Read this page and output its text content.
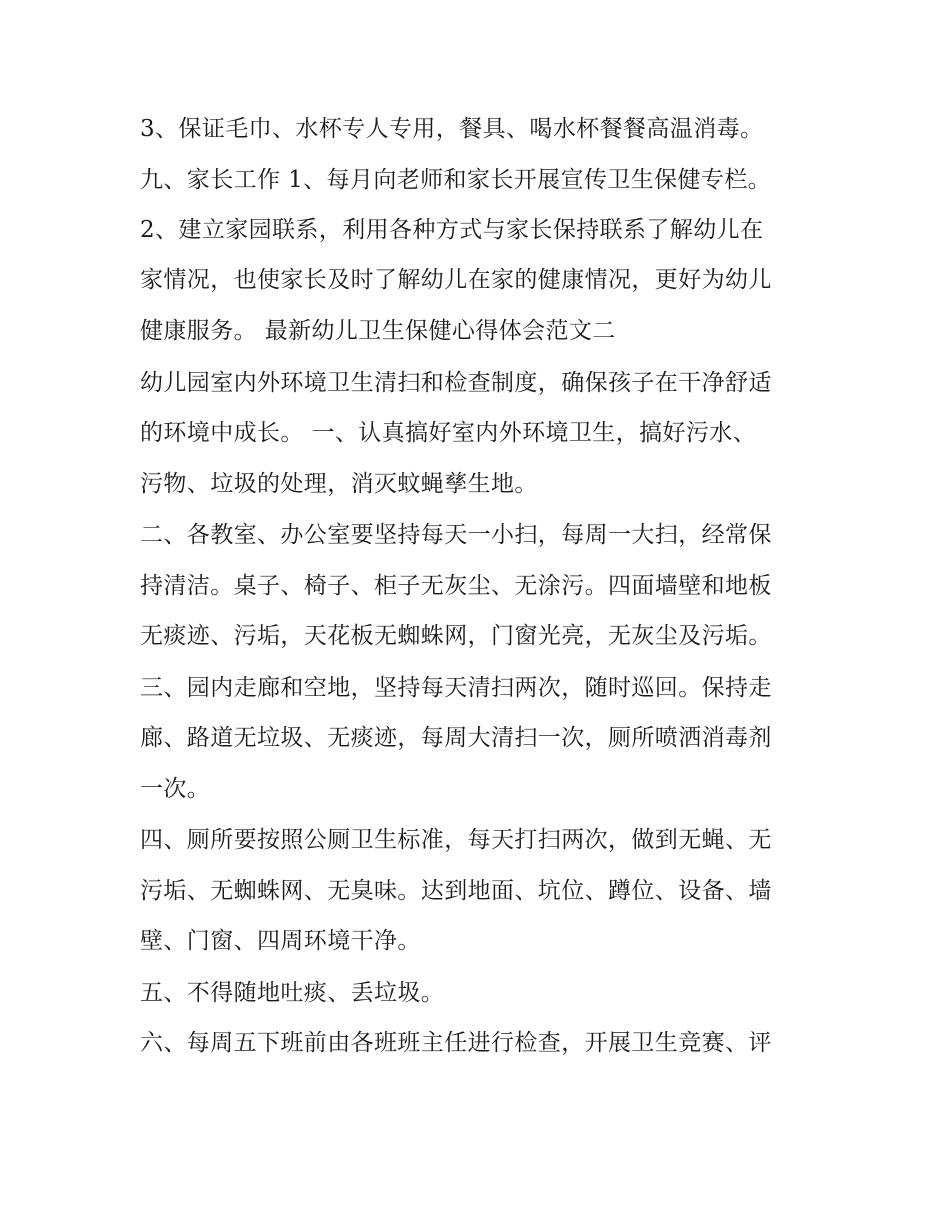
3、保证毛巾、水杯专人专用，餐具、喝水杯餐餐高温消毒。
九、家长工作 1、每月向老师和家长开展宣传卫生保健专栏。
2、建立家园联系，利用各种方式与家长保持联系了解幼儿在
家情况，也使家长及时了解幼儿在家的健康情况，更好为幼儿
健康服务。 最新幼儿卫生保健心得体会范文二
幼儿园室内外环境卫生清扫和检查制度，确保孩子在干净舒适
的环境中成长。 一、认真搞好室内外环境卫生，搞好污水、
污物、垃圾的处理，消灭蚊蝇孳生地。
二、各教室、办公室要坚持每天一小扫，每周一大扫，经常保
持清洁。桌子、椅子、柜子无灰尘、无涂污。四面墙壁和地板
无痰迹、污垢，天花板无蜘蛛网，门窗光亮，无灰尘及污垢。
三、园内走廊和空地，坚持每天清扫两次，随时巡回。保持走
廊、路道无垃圾、无痰迹，每周大清扫一次，厕所喷洒消毒剂
一次。
四、厕所要按照公厕卫生标准，每天打扫两次，做到无蝇、无
污垢、无蜘蛛网、无臭味。达到地面、坑位、蹲位、设备、墙
壁、门窗、四周环境干净。
五、不得随地吐痰、丢垃圾。
六、每周五下班前由各班班主任进行检查，开展卫生竞赛、评
